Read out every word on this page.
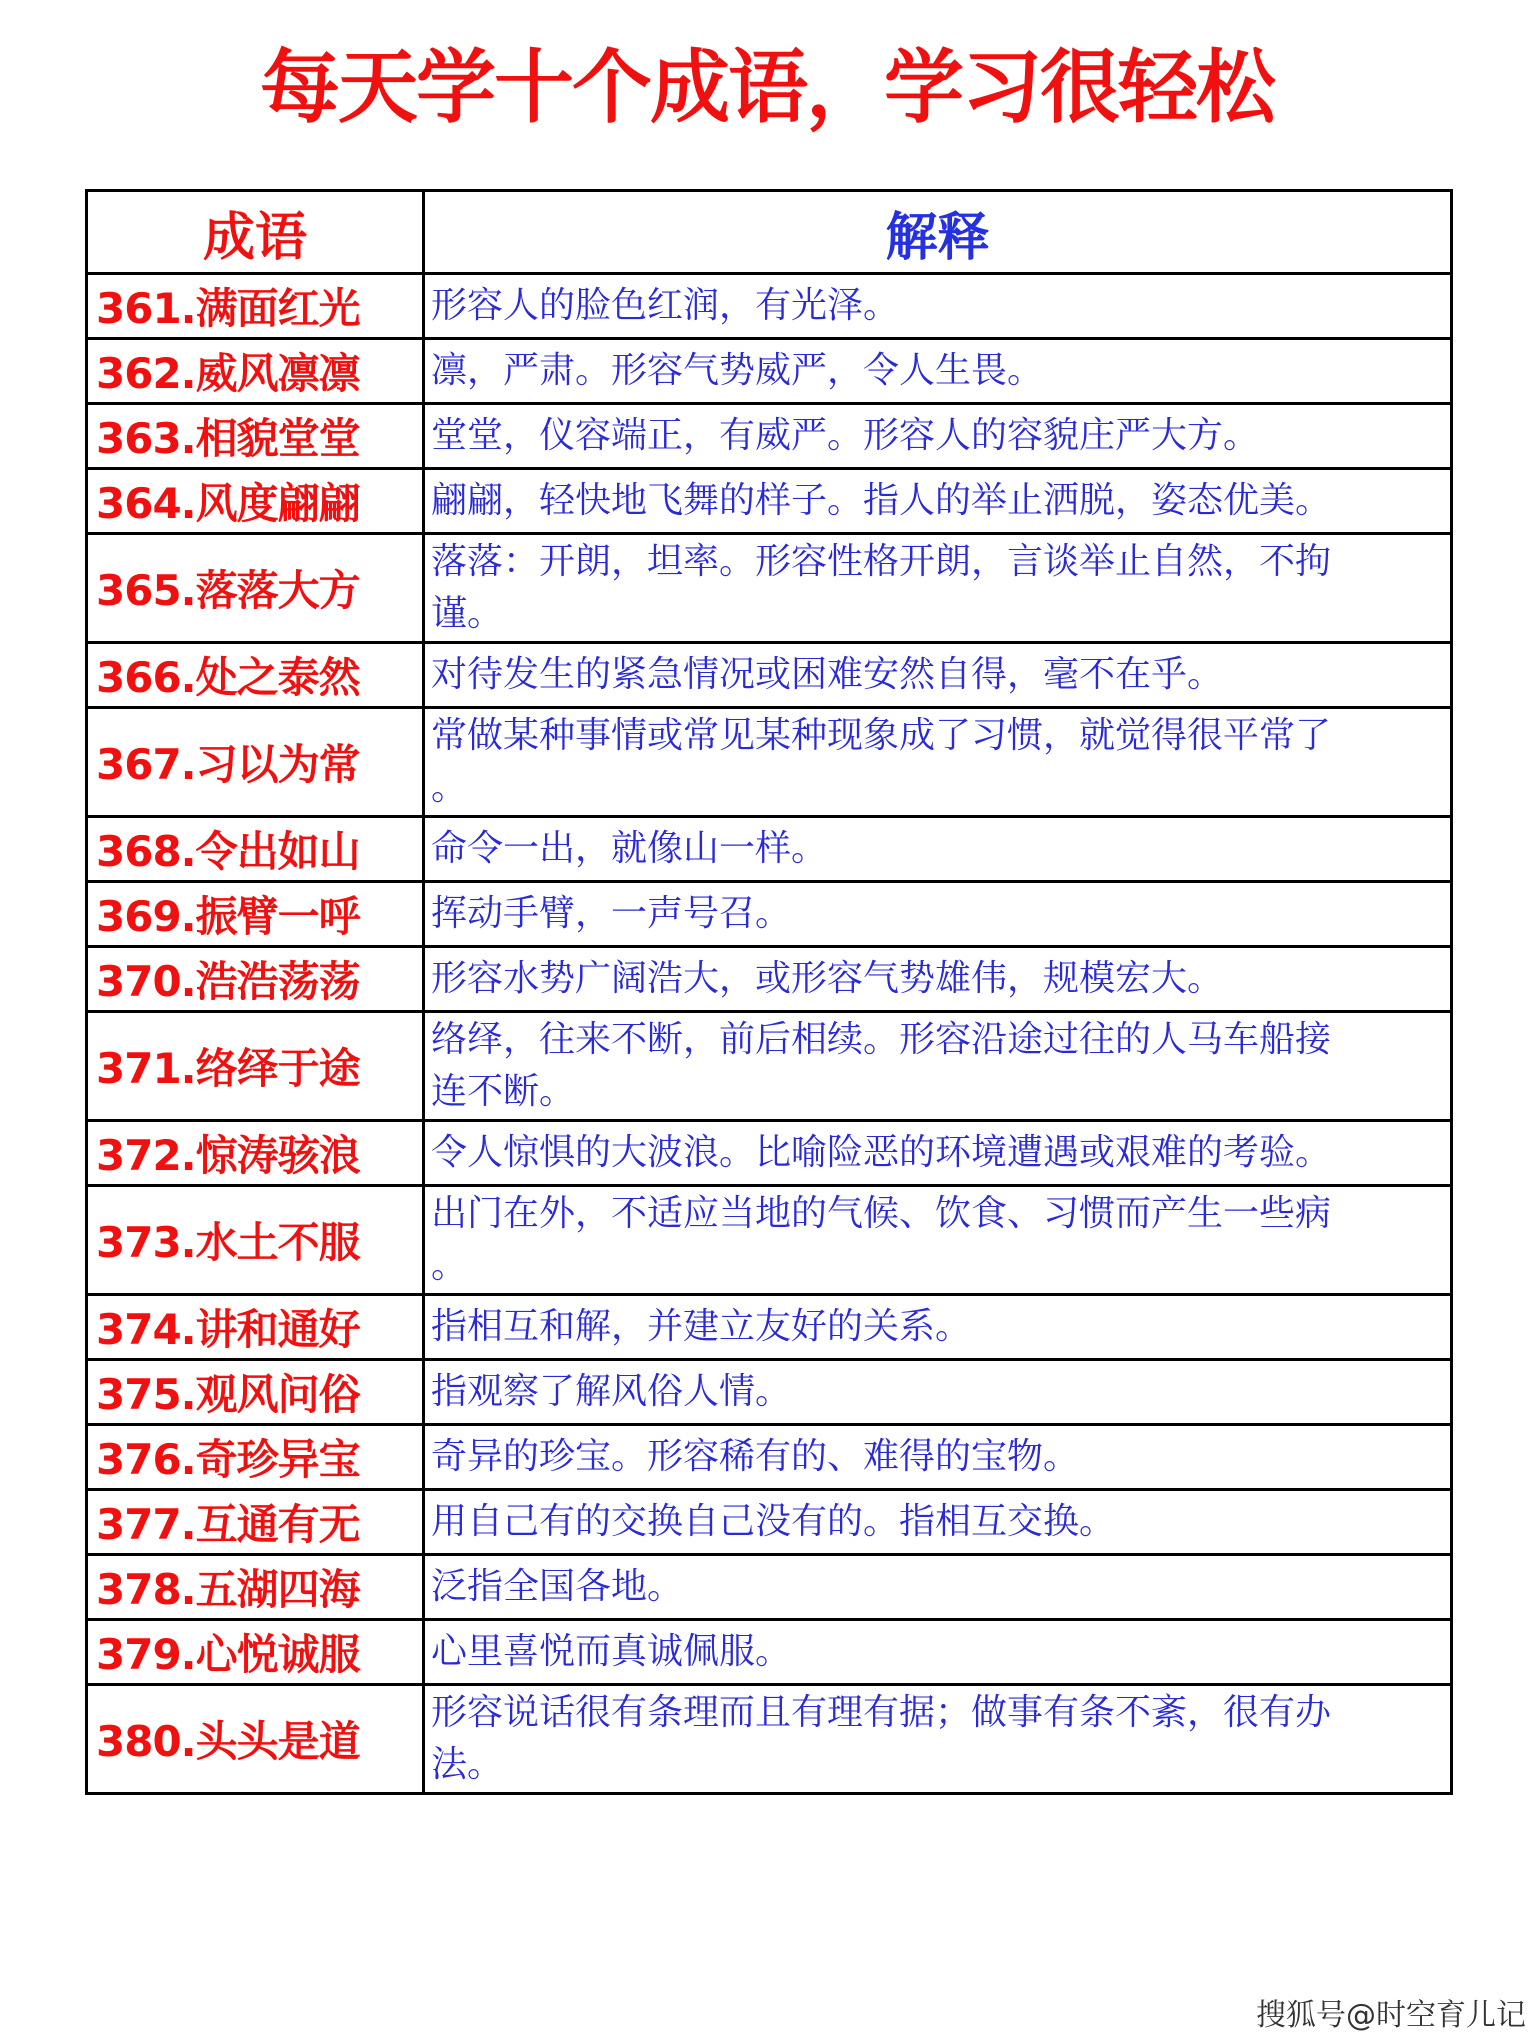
每天学十个成语，学习很轻松
成语	解释
361.满面红光	形容人的脸色红润，有光泽。

362.威风凛凛	凛，严肃。形容气势威严，令人生畏。

363.相貌堂堂	堂堂，仪容端正，有威严。形容人的容貌庄严大方。

364.风度翩翩	翩翩，轻快地飞舞的样子。指人的举止洒脱，姿态优美。

365.落落大方	落落：开朗，坦率。形容性格开朗，言谈举止自然，不拘
谨。

366.处之泰然	对待发生的紧急情况或困难安然自得，毫不在乎。

367.习以为常	常做某种事情或常见某种现象成了习惯，就觉得很平常了
。

368.令出如山	命令一出，就像山一样。

369.振臂一呼	挥动手臂，一声号召。

370.浩浩荡荡	形容水势广阔浩大，或形容气势雄伟，规模宏大。

371.络绎于途	络绎，往来不断，前后相续。形容沿途过往的人马车船接
连不断。

372.惊涛骇浪	令人惊惧的大波浪。比喻险恶的环境遭遇或艰难的考验。

373.水土不服	出门在外，不适应当地的气候、饮食、习惯而产生一些病
。

374.讲和通好	指相互和解，并建立友好的关系。

375.观风问俗	指观察了解风俗人情。

376.奇珍异宝	奇异的珍宝。形容稀有的、难得的宝物。

377.互通有无	用自己有的交换自己没有的。指相互交换。

378.五湖四海	泛指全国各地。

379.心悦诚服	心里喜悦而真诚佩服。

380.头头是道	形容说话很有条理而且有理有据；做事有条不紊，很有办
法。
搜狐号@时空育儿记
